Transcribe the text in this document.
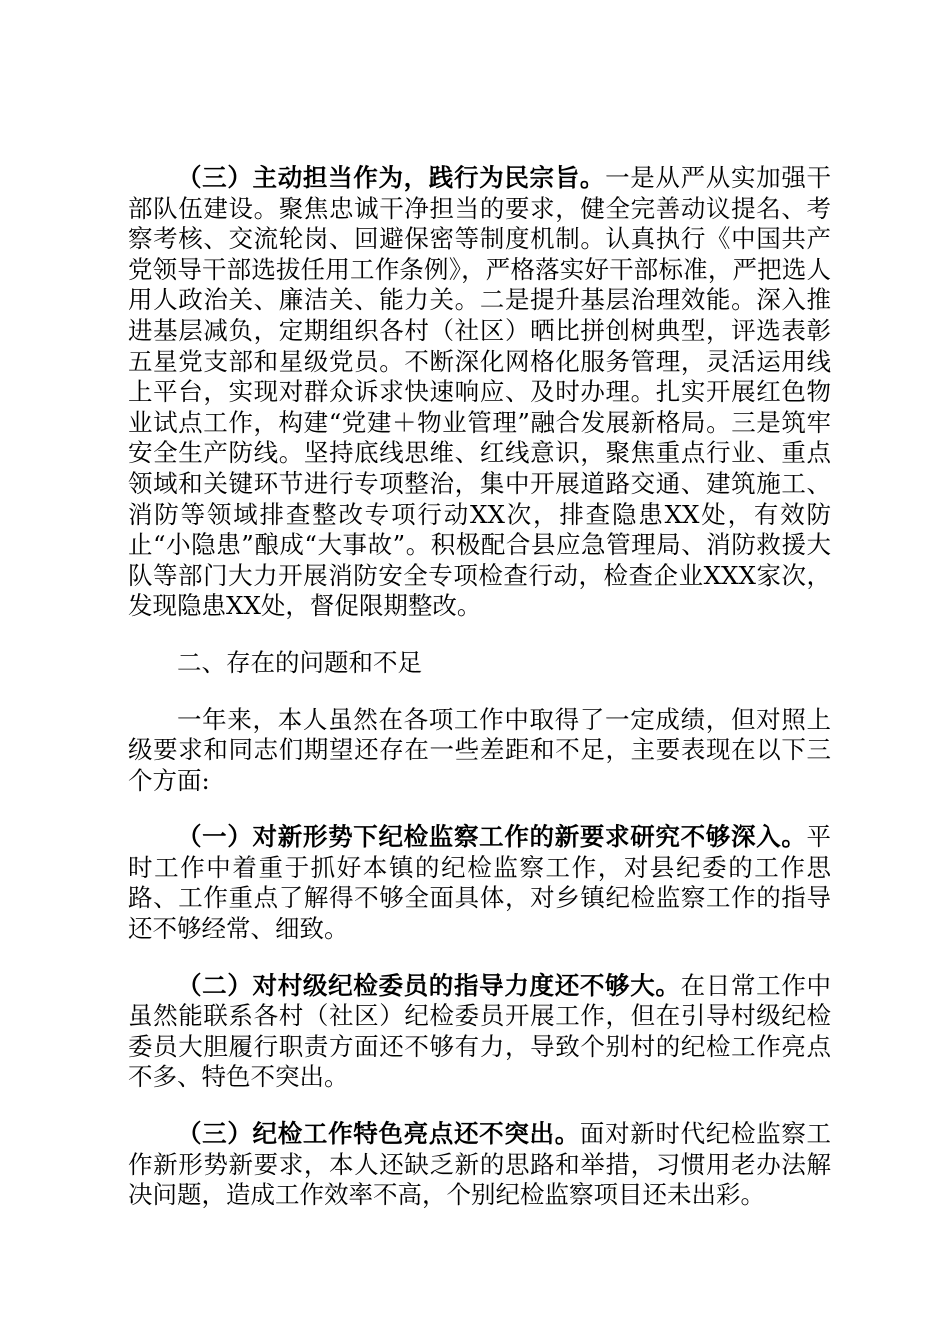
（三）主动担当作为，践行为民宗旨。一是从严从实加强干部队伍建设。聚焦忠诚干净担当的要求，健全完善动议提名、考察考核、交流轮岗、回避保密等制度机制。认真执行《中国共产党领导干部选拔任用工作条例》，严格落实好干部标准，严把选人用人政治关、廉洁关、能力关。二是提升基层治理效能。深入推进基层减负，定期组织各村（社区）晒比拼创树典型，评选表彰五星党支部和星级党员。不断深化网格化服务管理，灵活运用线上平台，实现对群众诉求快速响应、及时办理。扎实开展红色物业试点工作，构建“党建＋物业管理”融合发展新格局。三是筑牢安全生产防线。坚持底线思维、红线意识，聚焦重点行业、重点领域和关键环节进行专项整治，集中开展道路交通、建筑施工、消防等领域排查整改专项行动XX次，排查隐患XX处，有效防止“小隐患”酿成“大事故”。积极配合县应急管理局、消防救援大队等部门大力开展消防安全专项检查行动，检查企业XXX家次，发现隐患XX处，督促限期整改。

二、存在的问题和不足

一年来，本人虽然在各项工作中取得了一定成绩，但对照上级要求和同志们期望还存在一些差距和不足，主要表现在以下三个方面:

（一）对新形势下纪检监察工作的新要求研究不够深入。平时工作中着重于抓好本镇的纪检监察工作，对县纪委的工作思路、工作重点了解得不够全面具体，对乡镇纪检监察工作的指导还不够经常、细致。

（二）对村级纪检委员的指导力度还不够大。在日常工作中虽然能联系各村（社区）纪检委员开展工作，但在引导村级纪检委员大胆履行职责方面还不够有力，导致个别村的纪检工作亮点不多、特色不突出。

（三）纪检工作特色亮点还不突出。面对新时代纪检监察工作新形势新要求，本人还缺乏新的思路和举措，习惯用老办法解决问题，造成工作效率不高，个别纪检监察项目还未出彩。
